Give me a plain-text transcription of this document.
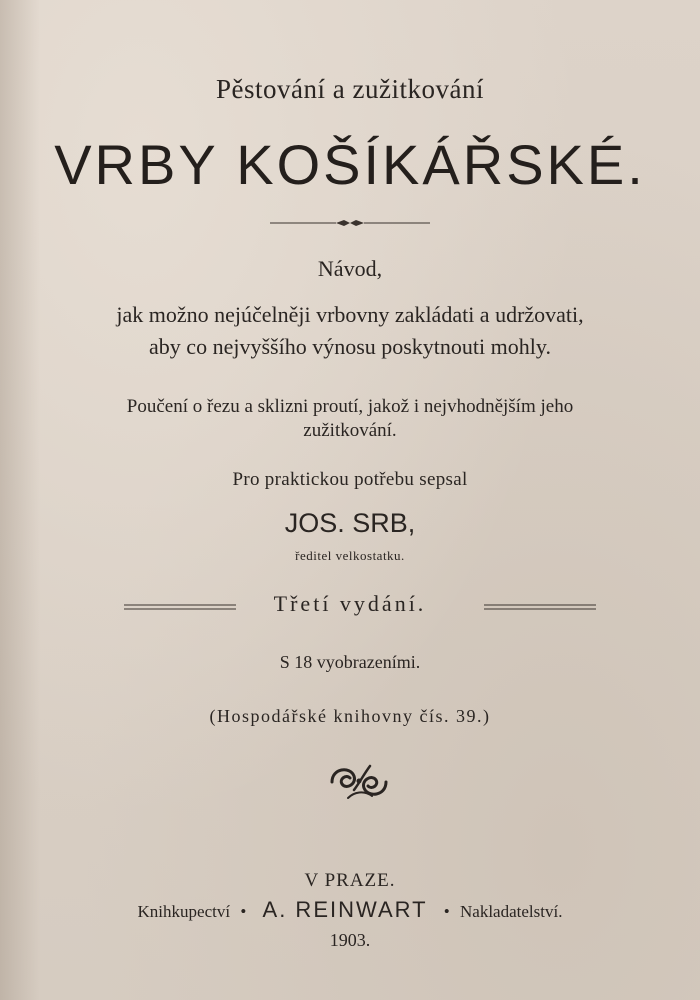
Pěstování a zužitkování
VRBY KOŠÍKÁŘSKÉ.
Návod,
jak možno nejúčelněji vrbovny zakládati a udržovati,
aby co nejvyššího výnosu poskytnouti mohly.
Poučení o řezu a sklizni proutí, jakož i nejvhodnějším jeho
zužitkování.
Pro praktickou potřebu sepsal
JOS. SRB,
ředitel velkostatku.
Třetí vydání.
S 18 vyobrazeními.
(Hospodářské knihovny čís. 39.)
V PRAZE.
Knihkupectví • A. REINWART • Nakladatelství.
1903.
